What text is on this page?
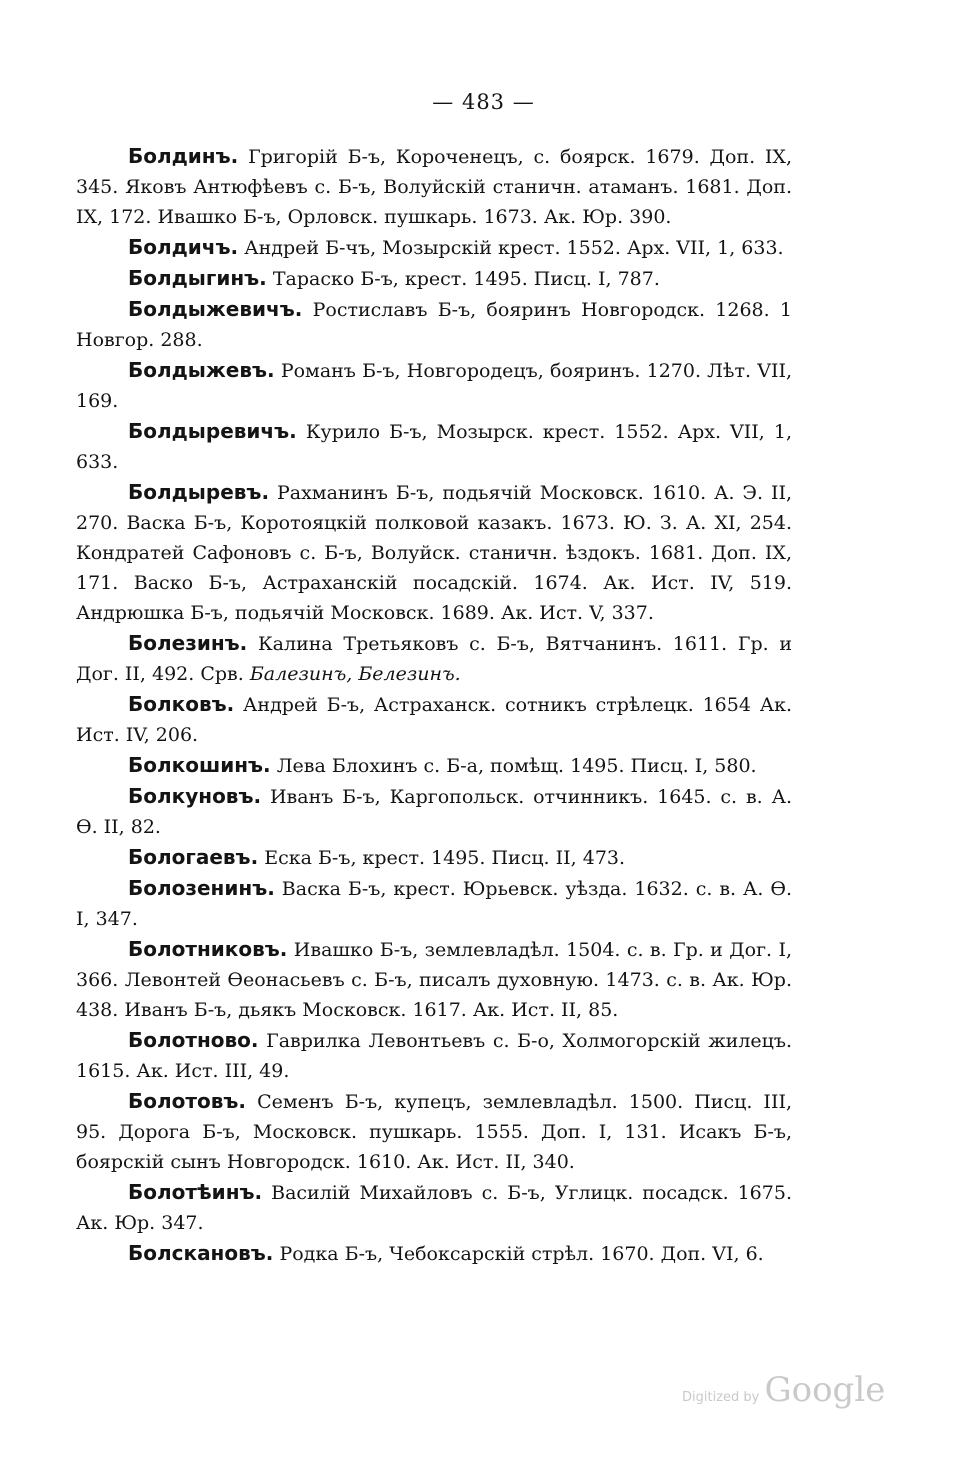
— 483 —

Болдинъ. Григорій Б-ъ, Короченецъ, с. боярск. 1679. Доп. IX, 345. Яковъ Антюфѣевъ с. Б-ъ, Волуйскій станичн. атаманъ. 1681. Доп. IX, 172. Ивашко Б-ъ, Орловск. пушкарь. 1673. Ак. Юр. 390.

Болдичъ. Андрей Б-чъ, Мозырскій крест. 1552. Арх. VII, 1, 633.

Болдыгинъ. Тараско Б-ъ, крест. 1495. Писц. I, 787.

Болдыжевичъ. Ростиславъ Б-ъ, бояринъ Новгородск. 1268. 1 Новгор. 288.

Болдыжевъ. Романъ Б-ъ, Новгородецъ, бояринъ. 1270. Лѣт. VII, 169.

Болдыревичъ. Курило Б-ъ, Мозырск. крест. 1552. Арх. VII, 1, 633.

Болдыревъ. Рахманинъ Б-ъ, подьячій Московск. 1610. А. Э. II, 270. Васка Б-ъ, Коротояцкій полковой казакъ. 1673. Ю. З. А. XI, 254. Кондратей Сафоновъ с. Б-ъ, Волуйск. станичн. ѣздокъ. 1681. Доп. IX, 171. Васко Б-ъ, Астраханскій посадскій. 1674. Ак. Ист. IV, 519. Андрюшка Б-ъ, подьячій Московск. 1689. Ак. Ист. V, 337.

Болезинъ. Калина Третьяковъ с. Б-ъ, Вятчанинъ. 1611. Гр. и Дог. II, 492. Срв. Балезинъ, Белезинъ.

Болковъ. Андрей Б-ъ, Астраханск. сотникъ стрѣлецк. 1654 Ак. Ист. IV, 206.

Болкошинъ. Лева Блохинъ с. Б-а, помѣщ. 1495. Писц. I, 580.

Болкуновъ. Иванъ Б-ъ, Каргопольск. отчинникъ. 1645. с. в. А. Ѳ. II, 82.

Бологаевъ. Еска Б-ъ, крест. 1495. Писц. II, 473.

Болозенинъ. Васка Б-ъ, крест. Юрьевск. уѣзда. 1632. с. в. А. Ѳ. I, 347.

Болотниковъ. Ивашко Б-ъ, землевладѣл. 1504. с. в. Гр. и Дог. I, 366. Левонтей Ѳеонасьевъ с. Б-ъ, писалъ духовную. 1473. с. в. Ак. Юр. 438. Иванъ Б-ъ, дьякъ Московск. 1617. Ак. Ист. II, 85.

Болотново. Гаврилка Левонтьевъ с. Б-о, Холмогорскій жилецъ. 1615. Ак. Ист. III, 49.

Болотовъ. Семенъ Б-ъ, купецъ, землевладѣл. 1500. Писц. III, 95. Дорога Б-ъ, Московск. пушкарь. 1555. Доп. I, 131. Исакъ Б-ъ, боярскій сынъ Новгородск. 1610. Ак. Ист. II, 340.

Болотѣинъ. Василій Михайловъ с. Б-ъ, Углицк. посадск. 1675. Ак. Юр. 347.

Болскановъ. Родка Б-ъ, Чебоксарскій стрѣл. 1670. Доп. VI, 6.

Digitized by Google
